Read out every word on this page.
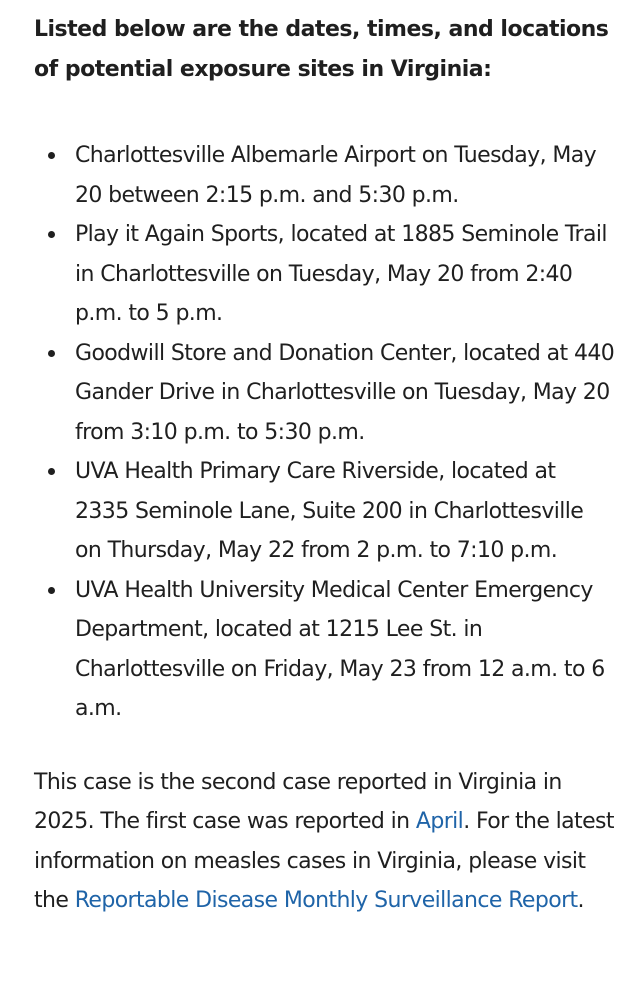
Listed below are the dates, times, and locations of potential exposure sites in Virginia:

Charlottesville Albemarle Airport on Tuesday, May 20 between 2:15 p.m. and 5:30 p.m.
Play it Again Sports, located at 1885 Seminole Trail in Charlottesville on Tuesday, May 20 from 2:40 p.m. to 5 p.m.
Goodwill Store and Donation Center, located at 440 Gander Drive in Charlottesville on Tuesday, May 20 from 3:10 p.m. to 5:30 p.m.
UVA Health Primary Care Riverside, located at 2335 Seminole Lane, Suite 200 in Charlottesville on Thursday, May 22 from 2 p.m. to 7:10 p.m.
UVA Health University Medical Center Emergency Department, located at 1215 Lee St. in Charlottesville on Friday, May 23 from 12 a.m. to 6 a.m.

This case is the second case reported in Virginia in 2025. The first case was reported in April. For the latest information on measles cases in Virginia, please visit the Reportable Disease Monthly Surveillance Report.
